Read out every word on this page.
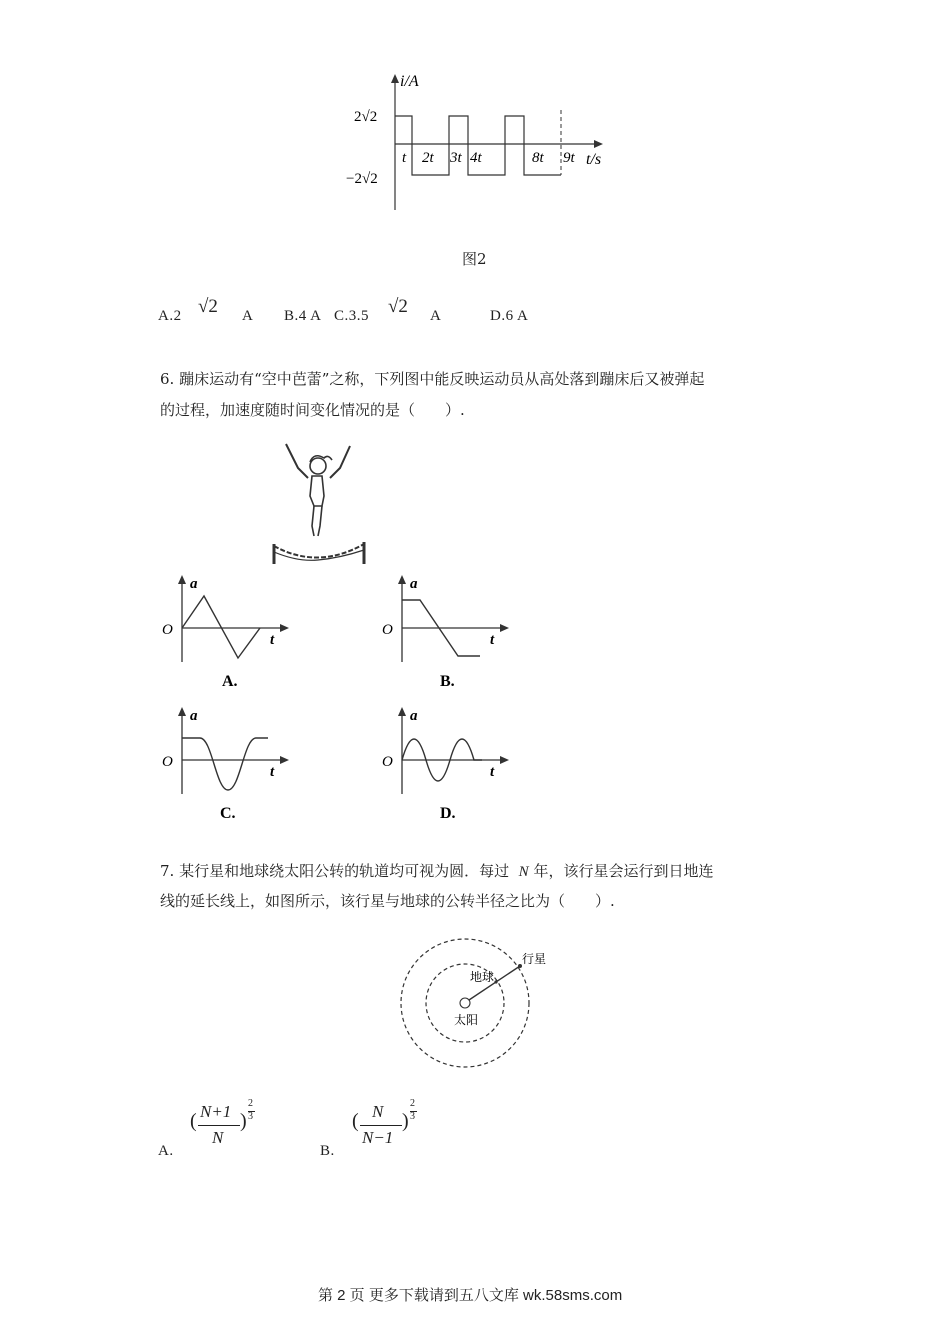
i/A
2√2
−2√2
t 2t 3t 4t	8t 9t t/s
图2
A.2 √2 A B.4 A C.3.5 √2 A	D.6 A
6. 蹦床运动有“空中芭蕾”之称，下列图中能反映运动员从高处落到蹦床后又被弹起
的过程，加速度随时间变化情况的是（　　）.
a
O
t
A.
a
O
t
B.
a
O
t
C.
a
O
t
D.
7. 某行星和地球绕太阳公转的轨道均可视为圆．每过 N 年，该行星会运行到日地连
线的延长线上，如图所示，该行星与地球的公转半径之比为（　　）.
行星
地球
太阳
A.
( N+1
N
)
2
3
B.
( N
N−1
)
2
3
第 2 页 更多下载请到五八文库 wk.58sms.com
